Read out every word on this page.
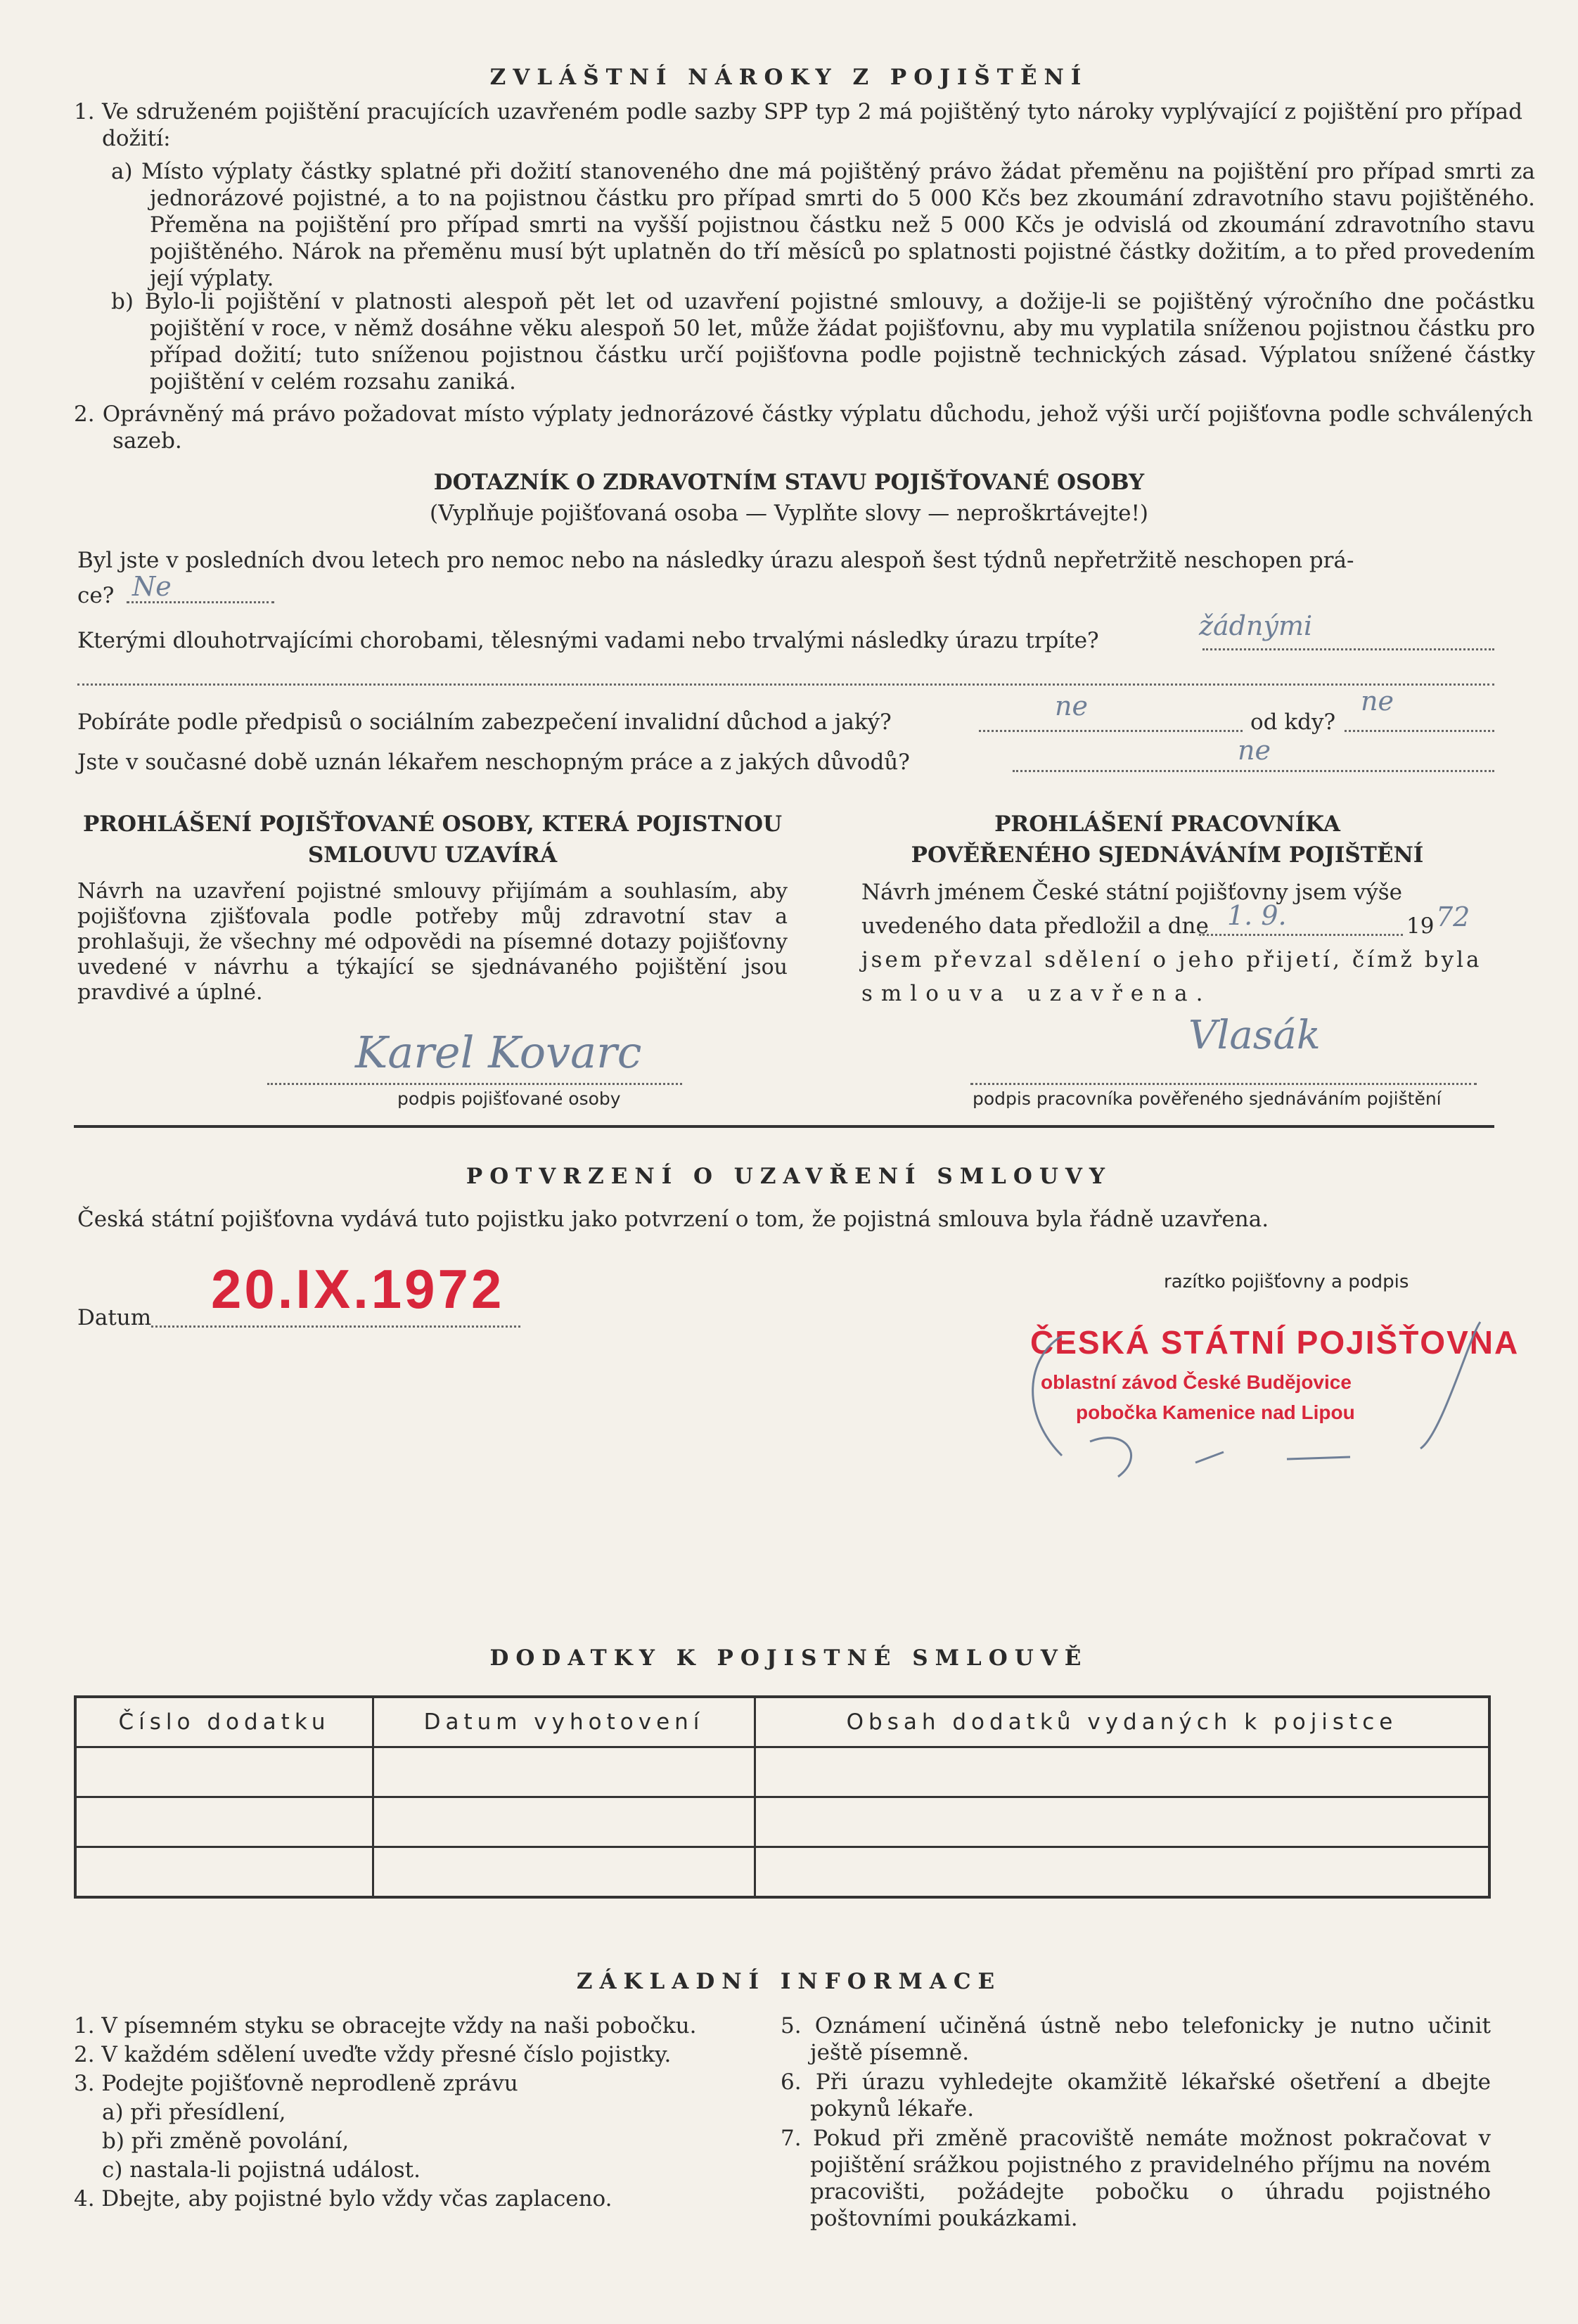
ZVLÁŠTNÍ NÁROKY Z POJIŠTĚNÍ
1. Ve sdruženém pojištění pracujících uzavřeném podle sazby SPP typ 2 má pojištěný tyto nároky vyplývající z pojištění pro případ dožití:
a) Místo výplaty částky splatné při dožití stanoveného dne má pojištěný právo žádat přeměnu na pojištění pro případ smrti za jednorázové pojistné, a to na pojistnou částku pro případ smrti do 5 000 Kčs bez zkoumání zdravotního stavu pojištěného. Přeměna na pojištění pro případ smrti na vyšší pojistnou částku než 5 000 Kčs je odvislá od zkoumání zdravotního stavu pojištěného. Nárok na přeměnu musí být uplatněn do tří měsíců po splatnosti pojistné částky dožitím, a to před provedením její výplaty.
b) Bylo-li pojištění v platnosti alespoň pět let od uzavření pojistné smlouvy, a dožije-li se pojištěný výročního dne počástku pojištění v roce, v němž dosáhne věku alespoň 50 let, může žádat pojišťovnu, aby mu vyplatila sníženou pojistnou částku pro případ dožití; tuto sníženou pojistnou částku určí pojišťovna podle pojistně technických zásad. Výplatou snížené částky pojištění v celém rozsahu zaniká.
2. Oprávněný má právo požadovat místo výplaty jednorázové částky výplatu důchodu, jehož výši určí pojišťovna podle schválených sazeb.
DOTAZNÍK O ZDRAVOTNÍM STAVU POJIŠŤOVANÉ OSOBY
(Vyplňuje pojišťovaná osoba — Vyplňte slovy — neproškrtávejte!)
Byl jste v posledních dvou letech pro nemoc nebo na následky úrazu alespoň šest týdnů nepřetržitě neschopen prá-
ce? Ne
Kterými dlouhotrvajícími chorobami, tělesnými vadami nebo trvalými následky úrazu trpíte?	žádnými
Pobíráte podle předpisů o sociálním zabezpečení invalidní důchod a jaký?
ne
od kdy?
ne
Jste v současné době uznán lékařem neschopným práce a z jakých důvodů?	ne
PROHLÁŠENÍ POJIŠŤOVANÉ OSOBY, KTERÁ POJISTNOU
SMLOUVU UZAVÍRÁ
Návrh na uzavření pojistné smlouvy přijímám a souhlasím, aby pojišťovna zjišťovala podle potřeby můj zdravotní stav a prohlašuji, že všechny mé odpovědi na písemné dotazy pojišťovny uvedené v návrhu a týkající se sjednávaného pojištění jsou pravdivé a úplné.
Karel Kovarc
podpis pojišťované osoby
PROHLÁŠENÍ PRACOVNÍKA
POVĚŘENÉHO SJEDNÁVÁNÍM POJIŠTĚNÍ
Návrh jménem České státní pojišťovny jsem výše
uvedeného data předložil a dne 1. 9.	19 72
jsem převzal sdělení o jeho přijetí, čímž byla
smlouva uzavřena.
Vlasák
podpis pracovníka pověřeného sjednáváním pojištění
POTVRZENÍ O UZAVŘENÍ SMLOUVY
Česká státní pojišťovna vydává tuto pojistku jako potvrzení o tom, že pojistná smlouva byla řádně uzavřena.
Datum 20.IX.1972	razítko pojišťovny a podpis
ČESKÁ STÁTNÍ POJIŠŤOVNA
oblastní závod České Budějovice
pobočka Kamenice nad Lipou
DODATKY K POJISTNÉ SMLOUVĚ
Číslo dodatku	Datum vyhotovení	Obsah dodatků vydaných k pojistce

ZÁKLADNÍ INFORMACE
1. V písemném styku se obracejte vždy na naši pobočku.
2. V každém sdělení uveďte vždy přesné číslo pojistky.
3. Podejte pojišťovně neprodleně zprávu
a) při přesídlení,
b) při změně povolání,
c) nastala-li pojistná událost.
4. Dbejte, aby pojistné bylo vždy včas zaplaceno.
5. Oznámení učiněná ústně nebo telefonicky je nutno učinit ještě písemně.
6. Při úrazu vyhledejte okamžitě lékařské ošetření a dbejte pokynů lékaře.
7. Pokud při změně pracoviště nemáte možnost pokračovat v pojištění srážkou pojistného z pravidelného příjmu na novém pracovišti, požádejte pobočku o úhradu pojistného poštovními poukázkami.
